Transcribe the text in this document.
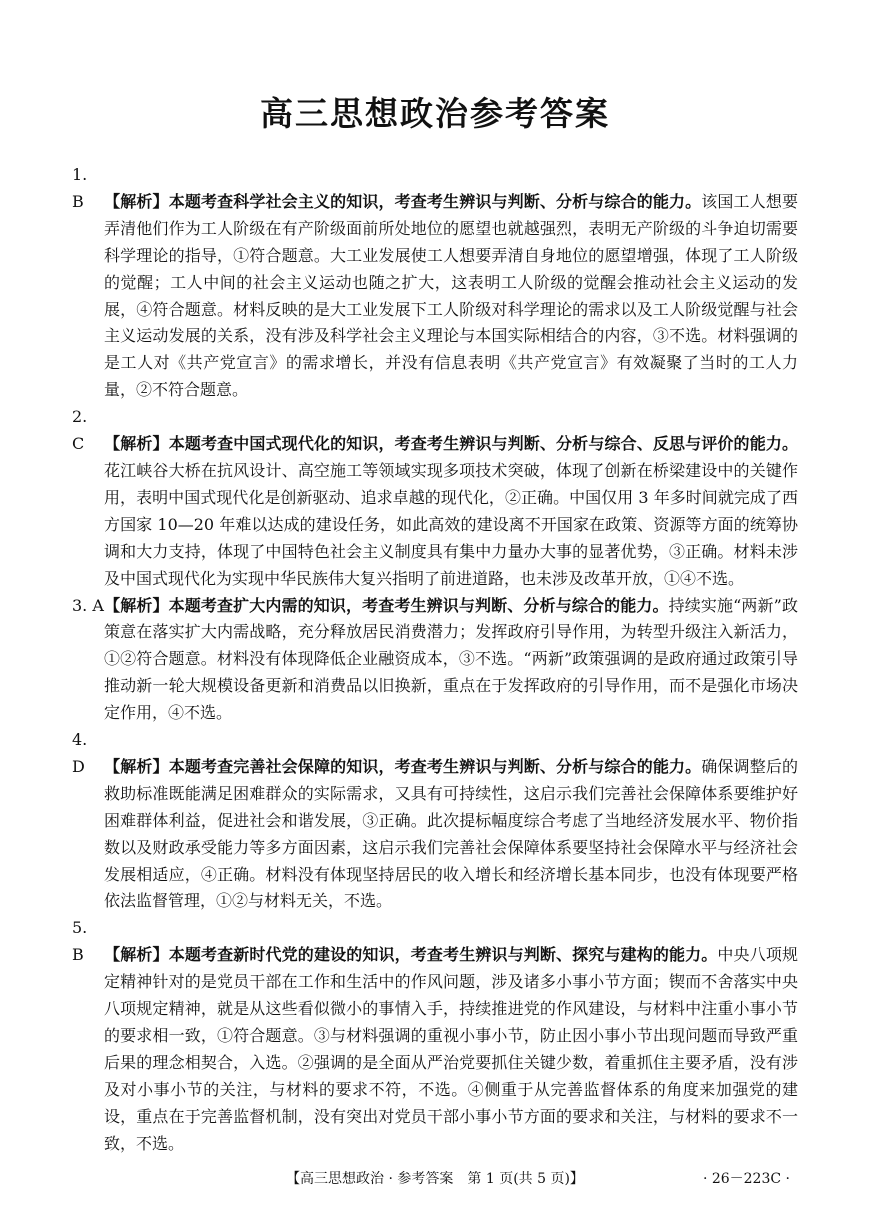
高三思想政治参考答案

1. B 【解析】本题考查科学社会主义的知识，考查考生辨识与判断、分析与综合的能力。该国工人想要弄清他们作为工人阶级在有产阶级面前所处地位的愿望也就越强烈，表明无产阶级的斗争迫切需要科学理论的指导，①符合题意。大工业发展使工人想要弄清自身地位的愿望增强，体现了工人阶级的觉醒；工人中间的社会主义运动也随之扩大，这表明工人阶级的觉醒会推动社会主义运动的发展，④符合题意。材料反映的是大工业发展下工人阶级对科学理论的需求以及工人阶级觉醒与社会主义运动发展的关系，没有涉及科学社会主义理论与本国实际相结合的内容，③不选。材料强调的是工人对《共产党宣言》的需求增长，并没有信息表明《共产党宣言》有效凝聚了当时的工人力量，②不符合题意。

2. C 【解析】本题考查中国式现代化的知识，考查考生辨识与判断、分析与综合、反思与评价的能力。花江峡谷大桥在抗风设计、高空施工等领域实现多项技术突破，体现了创新在桥梁建设中的关键作用，表明中国式现代化是创新驱动、追求卓越的现代化，②正确。中国仅用 3 年多时间就完成了西方国家 10—20 年难以达成的建设任务，如此高效的建设离不开国家在政策、资源等方面的统筹协调和大力支持，体现了中国特色社会主义制度具有集中力量办大事的显著优势，③正确。材料未涉及中国式现代化为实现中华民族伟大复兴指明了前进道路，也未涉及改革开放，①④不选。

3. A【解析】本题考查扩大内需的知识，考查考生辨识与判断、分析与综合的能力。持续实施“两新”政策意在落实扩大内需战略，充分释放居民消费潜力；发挥政府引导作用，为转型升级注入新活力，①②符合题意。材料没有体现降低企业融资成本，③不选。“两新”政策强调的是政府通过政策引导推动新一轮大规模设备更新和消费品以旧换新，重点在于发挥政府的引导作用，而不是强化市场决定作用，④不选。

4. D 【解析】本题考查完善社会保障的知识，考查考生辨识与判断、分析与综合的能力。确保调整后的救助标准既能满足困难群众的实际需求，又具有可持续性，这启示我们完善社会保障体系要维护好困难群体利益，促进社会和谐发展，③正确。此次提标幅度综合考虑了当地经济发展水平、物价指数以及财政承受能力等多方面因素，这启示我们完善社会保障体系要坚持社会保障水平与经济社会发展相适应，④正确。材料没有体现坚持居民的收入增长和经济增长基本同步，也没有体现要严格依法监督管理，①②与材料无关，不选。

5. B 【解析】本题考查新时代党的建设的知识，考查考生辨识与判断、探究与建构的能力。中央八项规定精神针对的是党员干部在工作和生活中的作风问题，涉及诸多小事小节方面；锲而不舍落实中央八项规定精神，就是从这些看似微小的事情入手，持续推进党的作风建设，与材料中注重小事小节的要求相一致，①符合题意。③与材料强调的重视小事小节，防止因小事小节出现问题而导致严重后果的理念相契合，入选。②强调的是全面从严治党要抓住关键少数，着重抓住主要矛盾，没有涉及对小事小节的关注，与材料的要求不符，不选。④侧重于从完善监督体系的角度来加强党的建设，重点在于完善监督机制，没有突出对党员干部小事小节方面的要求和关注，与材料的要求不一致，不选。

【高三思想政治 · 参考答案　第 1 页(共 5 页)】	· 26－223C ·
